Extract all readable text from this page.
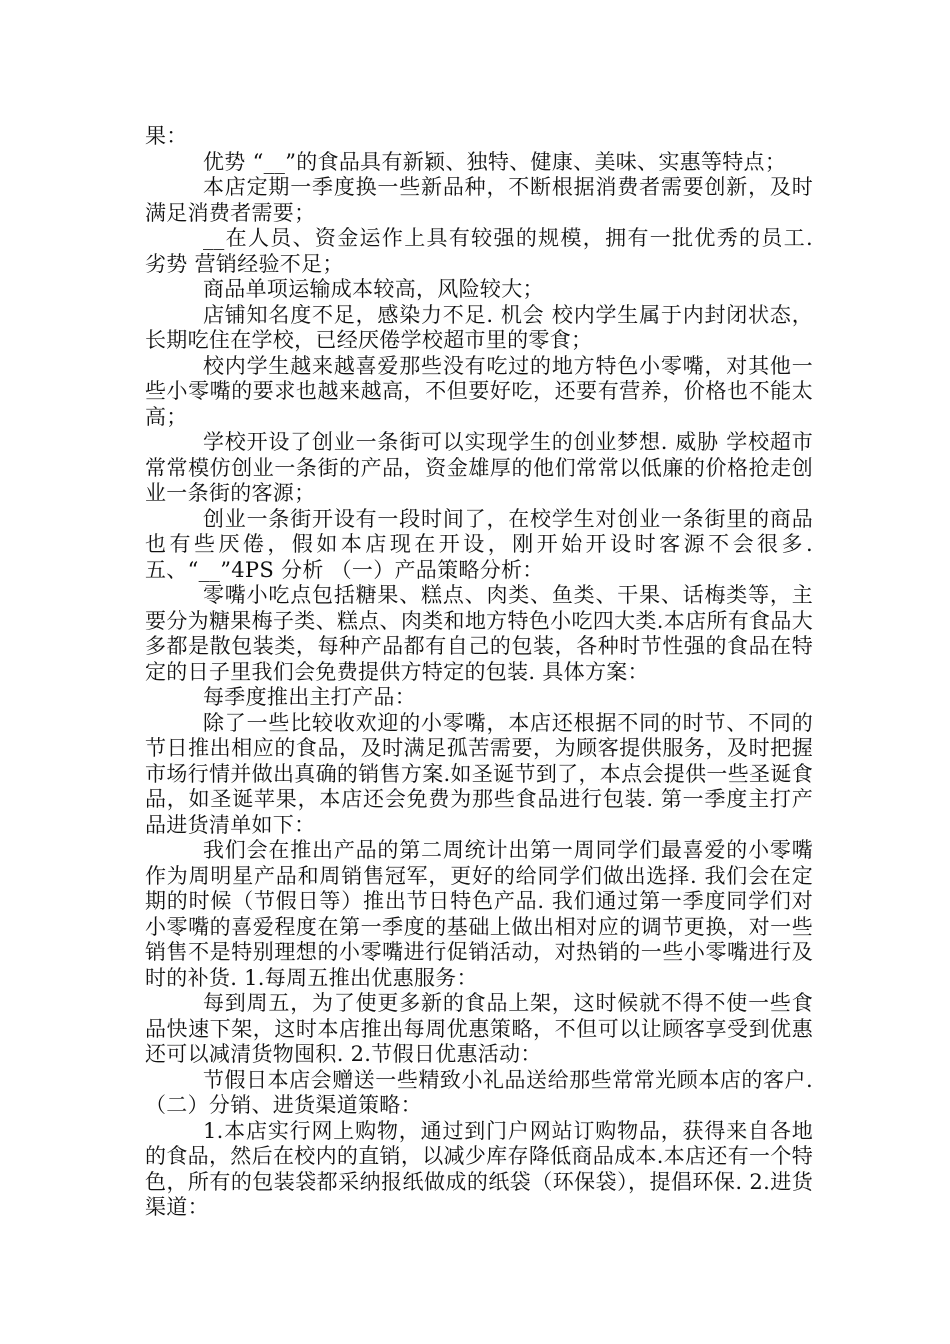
果：

优势 “__”的食品具有新颖、独特、健康、美味、实惠等特点；

本店定期一季度换一些新品种，不断根据消费者需要创新，及时满足消费者需要；

__在人员、资金运作上具有较强的规模，拥有一批优秀的员工. 劣势 营销经验不足；

商品单项运输成本较高，风险较大；

店铺知名度不足，感染力不足. 机会 校内学生属于内封闭状态，长期吃住在学校，已经厌倦学校超市里的零食；

校内学生越来越喜爱那些没有吃过的地方特色小零嘴，对其他一些小零嘴的要求也越来越高，不但要好吃，还要有营养，价格也不能太高；

学校开设了创业一条街可以实现学生的创业梦想. 威胁 学校超市常常模仿创业一条街的产品，资金雄厚的他们常常以低廉的价格抢走创业一条街的客源；

创业一条街开设有一段时间了，在校学生对创业一条街里的商品也有些厌倦，假如本店现在开设，刚开始开设时客源不会很多. 五、“__”4PS 分析 （一）产品策略分析：

零嘴小吃点包括糖果、糕点、肉类、鱼类、干果、话梅类等，主要分为糖果梅子类、糕点、肉类和地方特色小吃四大类.本店所有食品大多都是散包装类，每种产品都有自己的包装，各种时节性强的食品在特定的日子里我们会免费提供方特定的包装. 具体方案：

每季度推出主打产品：

除了一些比较收欢迎的小零嘴，本店还根据不同的时节、不同的节日推出相应的食品，及时满足孤苦需要，为顾客提供服务，及时把握市场行情并做出真确的销售方案.如圣诞节到了，本点会提供一些圣诞食品，如圣诞苹果，本店还会免费为那些食品进行包装. 第一季度主打产品进货清单如下：

我们会在推出产品的第二周统计出第一周同学们最喜爱的小零嘴作为周明星产品和周销售冠军，更好的给同学们做出选择. 我们会在定期的时候（节假日等）推出节日特色产品. 我们通过第一季度同学们对小零嘴的喜爱程度在第一季度的基础上做出相对应的调节更换，对一些销售不是特别理想的小零嘴进行促销活动，对热销的一些小零嘴进行及时的补货. 1.每周五推出优惠服务：

每到周五，为了使更多新的食品上架，这时候就不得不使一些食品快速下架，这时本店推出每周优惠策略，不但可以让顾客享受到优惠还可以减清货物囤积. 2.节假日优惠活动：

节假日本店会赠送一些精致小礼品送给那些常常光顾本店的客户. （二）分销、进货渠道策略：

1.本店实行网上购物，通过到门户网站订购物品，获得来自各地的食品，然后在校内的直销，以减少库存降低商品成本.本店还有一个特色，所有的包装袋都采纳报纸做成的纸袋（环保袋），提倡环保. 2.进货渠道：
